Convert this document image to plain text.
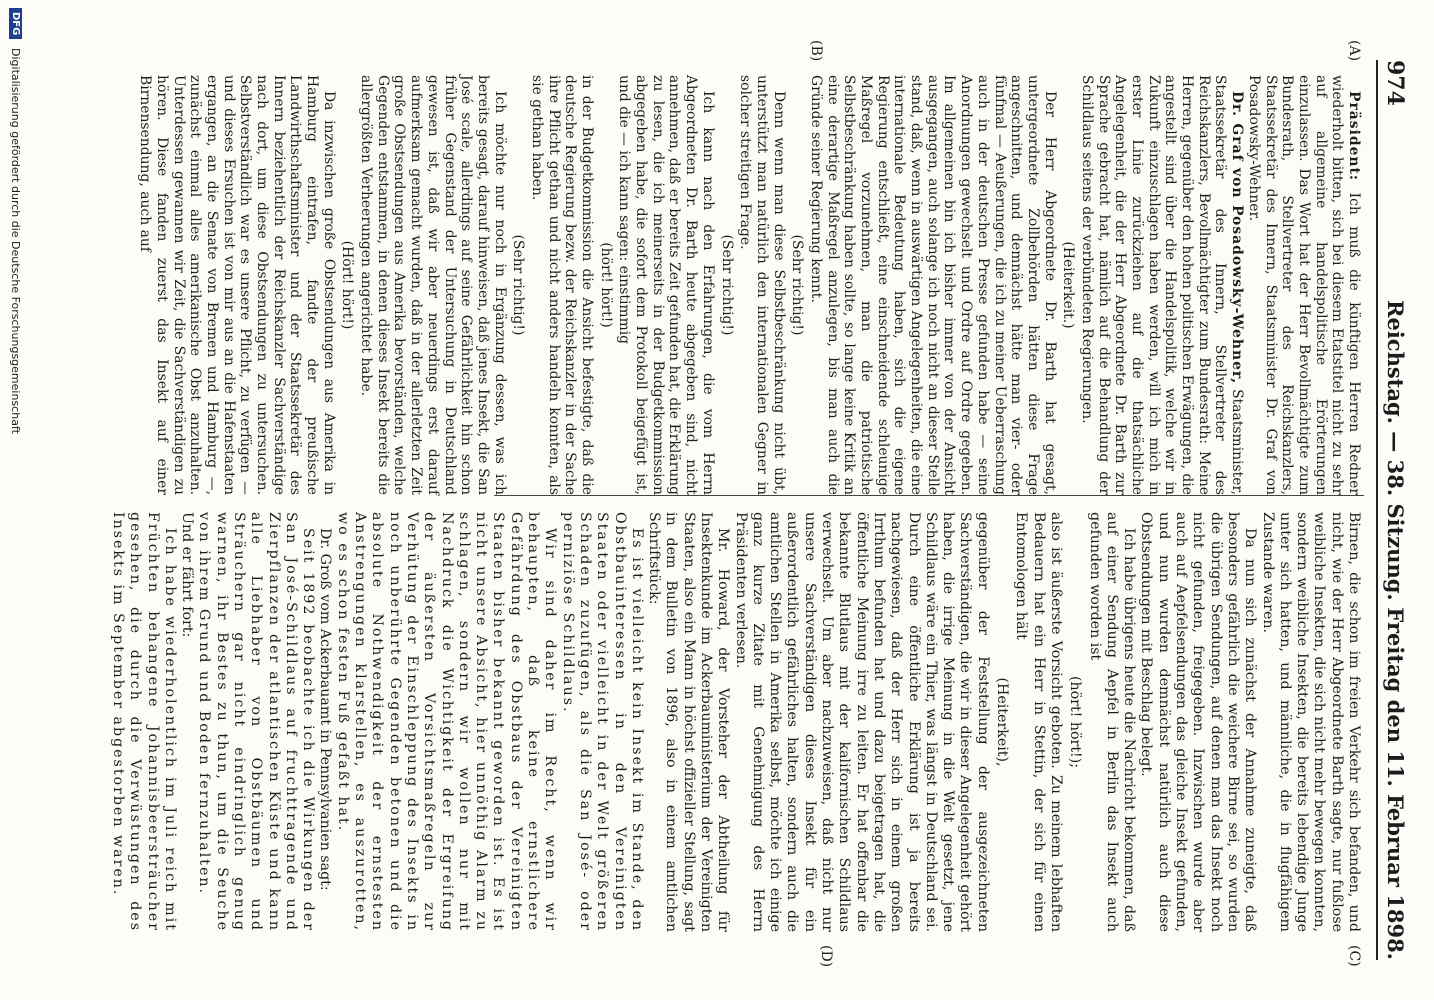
974
Reichstag. — 38. Sitzung.
Freitag den 11. Februar 1898.
(A)
(B)
(C)
(D)

Präsident: Ich muß die künftigen Herren Redner wiederholt bitten, sich bei diesem Etatstitel nicht zu sehr auf allgemeine handelspolitische Erörterungen einzulassen. Das Wort hat der Herr Bevollmächtigte zum Bundesrath, Stellvertreter des Reichskanzlers, Staatssekretär des Innern, Staatsminister Dr. Graf von Posadowsky-Wehner.

Dr. Graf von Posadowsky-Wehner, Staatsminister, Staatssekretär des Innern, Stellvertreter des Reichskanzlers, Bevollmächtigter zum Bundesrath: Meine Herren, gegenüber den hohen politischen Erwägungen, die angestellt sind über die Handelspolitik, welche wir in Zukunft einzuschlagen haben werden, will ich mich in erster Linie zurückziehen auf die thatsächliche Angelegenheit, die der Herr Abgeordnete Dr. Barth zur Sprache gebracht hat, nämlich auf die Behandlung der Schildlaus seitens der verbündeten Regierungen.

(Heiterkeit.)

Der Herr Abgeordnete Dr. Barth hat gesagt, untergeordnete Zollbehörden hätten diese Frage angeschnitten, und demnächst hätte man vier- oder fünfmal — Aeußerungen, die ich zu meiner Ueberraschung auch in der deutschen Presse gefunden habe — seine Anordnungen gewechselt und Ordre auf Ordre gegeben. Im allgemeinen bin ich bisher immer von der Ansicht ausgegangen, auch solange ich noch nicht an dieser Stelle stand, daß, wenn in auswärtigen Angelegenheiten, die eine internationale Bedeutung haben, sich die eigene Regierung entschließt, eine einschneidende schleunige Maßregel vorzunehmen, man die patriotische Selbstbeschränkung haben sollte, so lange keine Kritik an eine derartige Maßregel anzulegen, bis man auch die Gründe seiner Regierung kennt.

(Sehr richtig!)

Denn wenn man diese Selbstbeschränkung nicht übt, unterstützt man natürlich den internationalen Gegner in solcher streitigen Frage.

(Sehr richtig!)

Ich kann nach den Erfahrungen, die vom Herrn Abgeordneten Dr. Barth heute abgegeben sind, nicht annehmen, daß er bereits Zeit gefunden hat, die Erklärung zu lesen, die ich meinerseits in der Budgetkommission abgegeben habe, die sofort dem Protokoll beigefügt ist, und die — ich kann sagen: einstimmig

(hört! hört!)

in der Budgetkommission die Ansicht befestigte, daß die deutsche Regierung bezw. der Reichskanzler in der Sache ihre Pflicht gethan und nicht anders handeln konnten, als sie gethan haben.

(Sehr richtig!)

Ich möchte nur noch in Ergänzung dessen, was ich bereits gesagt, darauf hinweisen, daß jenes Insekt, die San José scale, allerdings auf seine Gefährlichkeit hin schon früher Gegenstand der Untersuchung in Deutschland gewesen ist, daß wir aber neuerdings erst darauf aufmerksam gemacht wurden, daß in der allerletzten Zeit große Obstsendungen aus Amerika bevorständen, welche Gegenden entstammen, in denen dieses Insekt bereits die allergrößten Verheerungen angerichtet habe.

(Hört! hört!)

Da inzwischen große Obstsendungen aus Amerika in Hamburg eintrafen, fandte der preußische Landwirthschaftsminister und der Staatssekretär des Innern beziehentlich der Reichskanzler Sachverständige nach dort, um diese Obstsendungen zu untersuchen. Selbstverständlich war es unsere Pflicht, zu verfügen — und dieses Ersuchen ist von mir aus an die Hafenstaaten ergangen, an die Senate von Bremen und Hamburg —, zunächst einmal alles amerikanische Obst anzuhalten. Unterdessen gewannen wir Zeit, die Sachverständigen zu hören. Diese fanden zuerst das Insekt auf einer Birnensendung, auch auf

Birnen, die schon im freien Verkehr sich befanden, und nicht, wie der Herr Abgeordnete Barth sagte, nur fußlose weibliche Insekten, die sich nicht mehr bewegen konnten, sondern weibliche Insekten, die bereits lebendige Junge unter sich hatten, und männliche, die in flugfähigem Zustande waren.

Da nun sich zunächst der Annahme zuneigte, daß besonders gefährlich die weichere Birne sei, so wurden die übrigen Sendungen, auf denen man das Insekt noch nicht gefunden, freigegeben. Inzwischen wurde aber auch auf Aepfelsendungen das gleiche Insekt gefunden, und nun wurden demnächst natürlich auch diese Obstsendungen mit Beschlag belegt.

Ich habe übrigens heute die Nachricht bekommen, daß auf einer Sendung Aepfel in Berlin das Insekt auch gefunden worden ist

(hört! hört!);

also ist äußerste Vorsicht geboten. Zu meinem lebhaften Bedauern hat ein Herr in Stettin, der sich für einen Entomologen hält

(Heiterkeit),

gegenüber der Feststellung der ausgezeichneten Sachverständigen, die wir in dieser Angelegenheit gehört haben, die irrige Meinung in die Welt gesetzt, jene Schildlaus wäre ein Thier, was längst in Deutschland sei. Durch eine öffentliche Erklärung ist ja bereits nachgewiesen, daß der Herr sich in einem großen Irrthum befunden hat und dazu beigetragen hat, die öffentliche Meinung irre zu leiten. Er hat offenbar die bekannte Blutlaus mit der kalifornischen Schildlaus verwechselt. Um aber nachzuweisen, daß nicht nur unsere Sachverständigen dieses Insekt für ein außerordentlich gefährliches halten, sondern auch die amtlichen Stellen in Amerika selbst, möchte ich einige ganz kurze Zitate mit Genehmigung des Herrn Präsidenten verlesen.

Mr. Howard, der Vorsteher der Abtheilung für Insektenkunde im Ackerbauministerium der Vereinigten Staaten, also ein Mann in höchst offizieller Stellung, sagt in dem Bulletin von 1896, also in einem amtlichen Schriftstück:

Es ist vielleicht kein Insekt im Stande, den Obstbauinteressen in den Vereinigten Staaten oder vielleicht in der Welt größeren Schaden zuzufügen, als die San José- oder perniziöse Schildlaus.

Wir sind daher im Recht, wenn wir behaupten, daß keine ernstlichere Gefährdung des Obstbaus der Vereinigten Staaten bisher bekannt geworden ist. Es ist nicht unsere Absicht, hier unnöthig Alarm zu schlagen, sondern wir wollen nur mit Nachdruck die Wichtigkeit der Ergreifung der äußersten Vorsichtsmaßregeln zur Verhütung der Einschleppung des Insekts in noch unberührte Gegenden betonen und die absolute Nothwendigkeit der ernstesten Anstrengungen klarstellen, es auszurotten, wo es schon festen Fuß gefaßt hat.

Dr. Groß vom Ackerbauamt in Pennsylvanien sagt:

Seit 1892 beobachte ich die Wirkungen der San José-Schildlaus auf fruchttragende und Zierpflanzen der atlantischen Küste und kann alle Liebhaber von Obstbäumen und Sträuchern gar nicht eindringlich genug warnen, ihr Bestes zu thun, um die Seuche von ihrem Grund und Boden fernzuhalten.

Und er fährt fort:

Ich habe wiederholentlich im Juli reich mit Früchten behangene Johannisbeersträucher gesehen, die durch die Verwüstungen des Insekts im September abgestorben waren.

DFG
Digitalisierung gefördert durch die Deutsche Forschungsgemeinschaft
